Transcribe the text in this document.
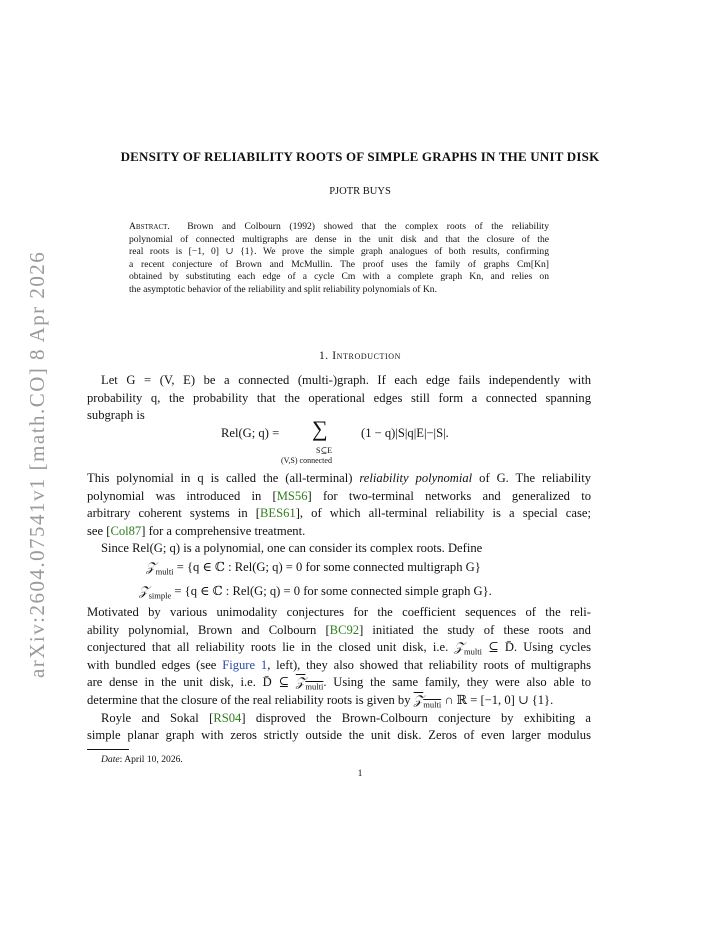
arXiv:2604.07541v1 [math.CO] 8 Apr 2026
DENSITY OF RELIABILITY ROOTS OF SIMPLE GRAPHS IN THE UNIT DISK
PJOTR BUYS
Abstract. Brown and Colbourn (1992) showed that the complex roots of the reliability
polynomial of connected multigraphs are dense in the unit disk and that the closure of the
real roots is [−1, 0] ∪ {1}. We prove the simple graph analogues of both results, confirming
a recent conjecture of Brown and McMullin. The proof uses the family of graphs Cm[Kn]
obtained by substituting each edge of a cycle Cm with a complete graph Kn, and relies on
the asymptotic behavior of the reliability and split reliability polynomials of Kn.
1. Introduction
Let G = (V, E) be a connected (multi-)graph. If each edge fails independently with
probability q, the probability that the operational edges still form a connected spanning
subgraph is
Rel(G; q) = ∑
S⊆E
(V,S) connected
(1 − q)|S|q|E|−|S|.
This polynomial in q is called the (all-terminal) reliability polynomial of G. The reliability
polynomial was introduced in [MS56] for two-terminal networks and generalized to
arbitrary coherent systems in [BES61], of which all-terminal reliability is a special case;
see [Col87] for a comprehensive treatment.
Since Rel(G; q) is a polynomial, one can consider its complex roots. Define
𝒵$_{multi}$ = {q ∈ ℂ : Rel(G; q) = 0 for some connected multigraph G}
𝒵$_{simple}$ = {q ∈ ℂ : Rel(G; q) = 0 for some connected simple graph G}.
Motivated by various unimodality conjectures for the coefficient sequences of the reli-
ability polynomial, Brown and Colbourn [BC92] initiated the study of these roots and
conjectured that all reliability roots lie in the closed unit disk, i.e. 𝒵$_{multi}$ ⊆ D̄. Using cycles
with bundled edges (see Figure 1, left), they also showed that reliability roots of multigraphs
are dense in the unit disk, i.e. D̄ ⊆ 𝒵$_{multi}$. Using the same family, they were also able to
determine that the closure of the real reliability roots is given by 𝒵$_{multi}$ ∩ ℝ = [−1, 0] ∪ {1}.
Royle and Sokal [RS04] disproved the Brown-Colbourn conjecture by exhibiting a
simple planar graph with zeros strictly outside the unit disk. Zeros of even larger modulus
Date: April 10, 2026.
1
